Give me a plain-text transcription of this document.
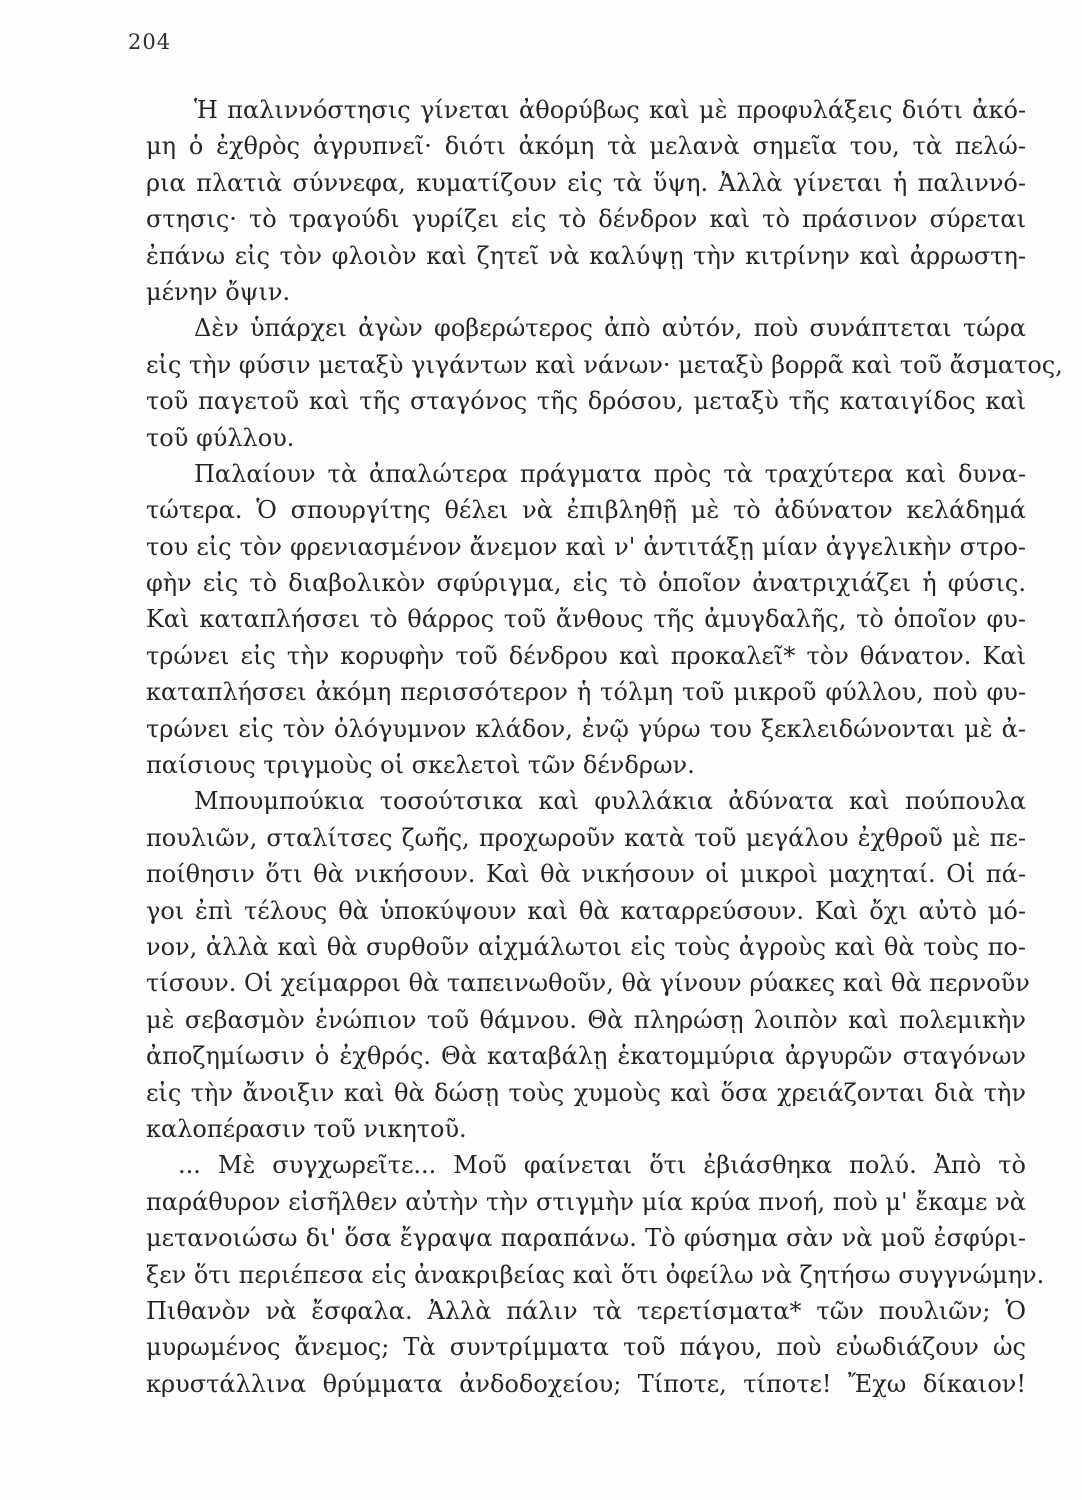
204
Ἡ παλιννόστησις γίνεται ἀθορύβως καὶ μὲ προφυλάξεις διότι ἀκό-
μη ὁ ἐχθρὸς ἀγρυπνεῖ· διότι ἀκόμη τὰ μελανὰ σημεῖα του, τὰ πελώ-
ρια πλατιὰ σύννεφα, κυματίζουν εἰς τὰ ὕψη. Ἀλλὰ γίνεται ἡ παλιννό-
στησις· τὸ τραγούδι γυρίζει εἰς τὸ δένδρον καὶ τὸ πράσινον σύρεται
ἐπάνω εἰς τὸν φλοιὸν καὶ ζητεῖ νὰ καλύψῃ τὴν κιτρίνην καὶ ἀρρωστη-
μένην ὄψιν.
Δὲν ὑπάρχει ἀγὼν φοβερώτερος ἀπὸ αὐτόν, ποὺ συνάπτεται τώρα
εἰς τὴν φύσιν μεταξὺ γιγάντων καὶ νάνων· μεταξὺ βορρᾶ καὶ τοῦ ἄσματος,
τοῦ παγετοῦ καὶ τῆς σταγόνος τῆς δρόσου, μεταξὺ τῆς καταιγίδος καὶ
τοῦ φύλλου.
Παλαίουν τὰ ἀπαλώτερα πράγματα πρὸς τὰ τραχύτερα καὶ δυνα-
τώτερα. Ὁ σπουργίτης θέλει νὰ ἐπιβληθῇ μὲ τὸ ἀδύνατον κελάδημά
του εἰς τὸν φρενιασμένον ἄνεμον καὶ ν' ἀντιτάξῃ μίαν ἀγγελικὴν στρο-
φὴν εἰς τὸ διαβολικὸν σφύριγμα, εἰς τὸ ὁποῖον ἀνατριχιάζει ἡ φύσις.
Καὶ καταπλήσσει τὸ θάρρος τοῦ ἄνθους τῆς ἀμυγδαλῆς, τὸ ὁποῖον φυ-
τρώνει εἰς τὴν κορυφὴν τοῦ δένδρου καὶ προκαλεῖ* τὸν θάνατον. Καὶ
καταπλήσσει ἀκόμη περισσότερον ἡ τόλμη τοῦ μικροῦ φύλλου, ποὺ φυ-
τρώνει εἰς τὸν ὀλόγυμνον κλάδον, ἐνῷ γύρω του ξεκλειδώνονται μὲ ἀ-
παίσιους τριγμοὺς οἱ σκελετοὶ τῶν δένδρων.
Μπουμπούκια τοσούτσικα καὶ φυλλάκια ἀδύνατα καὶ πούπουλα
πουλιῶν, σταλίτσες ζωῆς, προχωροῦν κατὰ τοῦ μεγάλου ἐχθροῦ μὲ πε-
ποίθησιν ὅτι θὰ νικήσουν. Καὶ θὰ νικήσουν οἱ μικροὶ μαχηταί. Οἱ πά-
γοι ἐπὶ τέλους θὰ ὑποκύψουν καὶ θὰ καταρρεύσουν. Καὶ ὄχι αὐτὸ μό-
νον, ἀλλὰ καὶ θὰ συρθοῦν αἰχμάλωτοι εἰς τοὺς ἀγροὺς καὶ θὰ τοὺς πο-
τίσουν. Οἱ χείμαρροι θὰ ταπεινωθοῦν, θὰ γίνουν ρύακες καὶ θὰ περνοῦν
μὲ σεβασμὸν ἐνώπιον τοῦ θάμνου. Θὰ πληρώσῃ λοιπὸν καὶ πολεμικὴν
ἀποζημίωσιν ὁ ἐχθρός. Θὰ καταβάλῃ ἑκατομμύρια ἀργυρῶν σταγόνων
εἰς τὴν ἄνοιξιν καὶ θὰ δώσῃ τοὺς χυμοὺς καὶ ὅσα χρειάζονται διὰ τὴν
καλοπέρασιν τοῦ νικητοῦ.
... Μὲ συγχωρεῖτε... Μοῦ φαίνεται ὅτι ἐβιάσθηκα πολύ. Ἀπὸ τὸ
παράθυρον εἰσῆλθεν αὐτὴν τὴν στιγμὴν μία κρύα πνοή, ποὺ μ' ἔκαμε νὰ
μετανοιώσω δι' ὅσα ἔγραψα παραπάνω. Τὸ φύσημα σὰν νὰ μοῦ ἐσφύρι-
ξεν ὅτι περιέπεσα εἰς ἀνακριβείας καὶ ὅτι ὀφείλω νὰ ζητήσω συγγνώμην.
Πιθανὸν νὰ ἔσφαλα. Ἀλλὰ πάλιν τὰ τερετίσματα* τῶν πουλιῶν; Ὁ
μυρωμένος ἄνεμος; Τὰ συντρίμματα τοῦ πάγου, ποὺ εὐωδιάζουν ὡς
κρυστάλλινα θρύμματα ἀνδοδοχείου; Τίποτε, τίποτε! Ἔχω δίκαιον!
